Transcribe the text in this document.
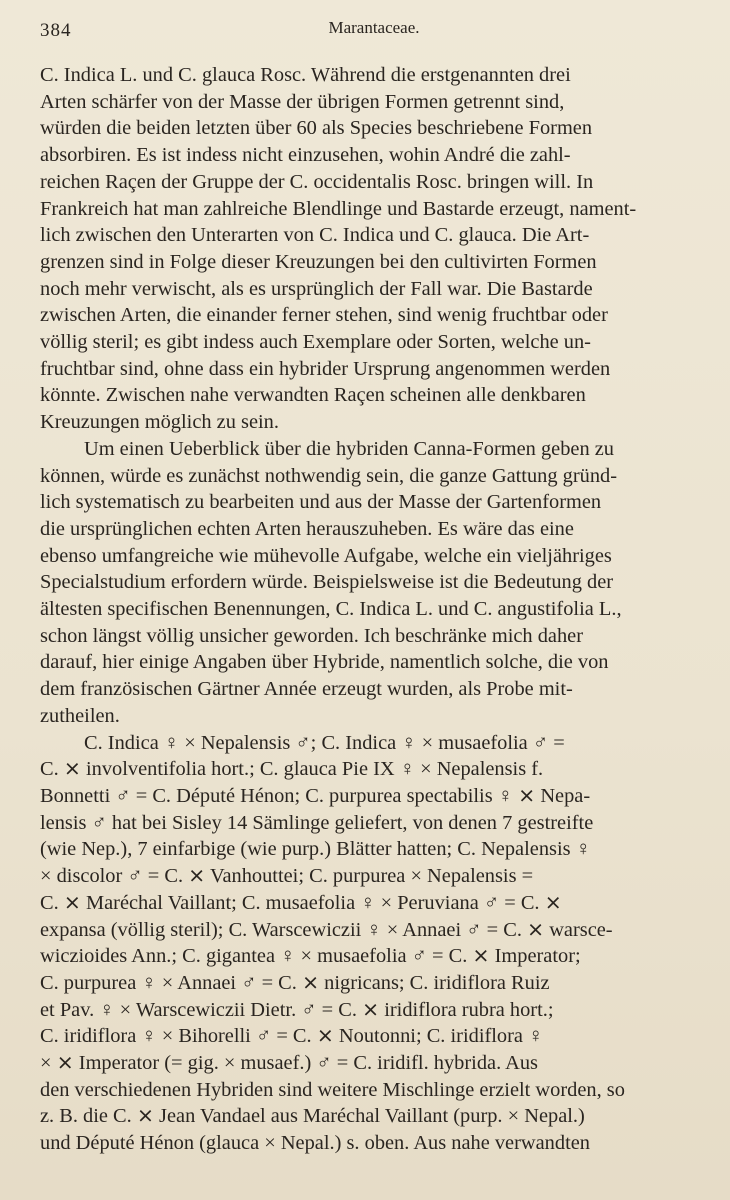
384	Marantaceae.

C. Indica L. und C. glauca Rosc. Während die erstgenannten drei
Arten schärfer von der Masse der übrigen Formen getrennt sind,
würden die beiden letzten über 60 als Species beschriebene Formen
absorbiren. Es ist indess nicht einzusehen, wohin André die zahl-
reichen Raçen der Gruppe der C. occidentalis Rosc. bringen will. In
Frankreich hat man zahlreiche Blendlinge und Bastarde erzeugt, nament-
lich zwischen den Unterarten von C. Indica und C. glauca. Die Art-
grenzen sind in Folge dieser Kreuzungen bei den cultivirten Formen
noch mehr verwischt, als es ursprünglich der Fall war. Die Bastarde
zwischen Arten, die einander ferner stehen, sind wenig fruchtbar oder
völlig steril; es gibt indess auch Exemplare oder Sorten, welche un-
fruchtbar sind, ohne dass ein hybrider Ursprung angenommen werden
könnte. Zwischen nahe verwandten Raçen scheinen alle denkbaren
Kreuzungen möglich zu sein.

Um einen Ueberblick über die hybriden Canna-Formen geben zu
können, würde es zunächst nothwendig sein, die ganze Gattung gründ-
lich systematisch zu bearbeiten und aus der Masse der Gartenformen
die ursprünglichen echten Arten herauszuheben. Es wäre das eine
ebenso umfangreiche wie mühevolle Aufgabe, welche ein vieljähriges
Specialstudium erfordern würde. Beispielsweise ist die Bedeutung der
ältesten specifischen Benennungen, C. Indica L. und C. angustifolia L.,
schon längst völlig unsicher geworden. Ich beschränke mich daher
darauf, hier einige Angaben über Hybride, namentlich solche, die von
dem französischen Gärtner Année erzeugt wurden, als Probe mit-
zutheilen.

C. Indica ♀ × Nepalensis ♂; C. Indica ♀ × musaefolia ♂ =
C. ⨯ involventifolia hort.; C. glauca Pie IX ♀ × Nepalensis f.
Bonnetti ♂ = C. Député Hénon; C. purpurea spectabilis ♀ ⨯ Nepa-
lensis ♂ hat bei Sisley 14 Sämlinge geliefert, von denen 7 gestreifte
(wie Nep.), 7 einfarbige (wie purp.) Blätter hatten; C. Nepalensis ♀
× discolor ♂ = C. ⨯ Vanhouttei; C. purpurea × Nepalensis =
C. ⨯ Maréchal Vaillant; C. musaefolia ♀ × Peruviana ♂ = C. ⨯
expansa (völlig steril); C. Warscewiczii ♀ × Annaei ♂ = C. ⨯ warsce-
wiczioides Ann.; C. gigantea ♀ × musaefolia ♂ = C. ⨯ Imperator;
C. purpurea ♀ × Annaei ♂ = C. ⨯ nigricans; C. iridiflora Ruiz
et Pav. ♀ × Warscewiczii Dietr. ♂ = C. ⨯ iridiflora rubra hort.;
C. iridiflora ♀ × Bihorelli ♂ = C. ⨯ Noutonni; C. iridiflora ♀
× ⨯ Imperator (= gig. × musaef.) ♂ = C. iridifl. hybrida. Aus
den verschiedenen Hybriden sind weitere Mischlinge erzielt worden, so
z. B. die C. ⨯ Jean Vandael aus Maréchal Vaillant (purp. × Nepal.)
und Député Hénon (glauca × Nepal.) s. oben. Aus nahe verwandten
